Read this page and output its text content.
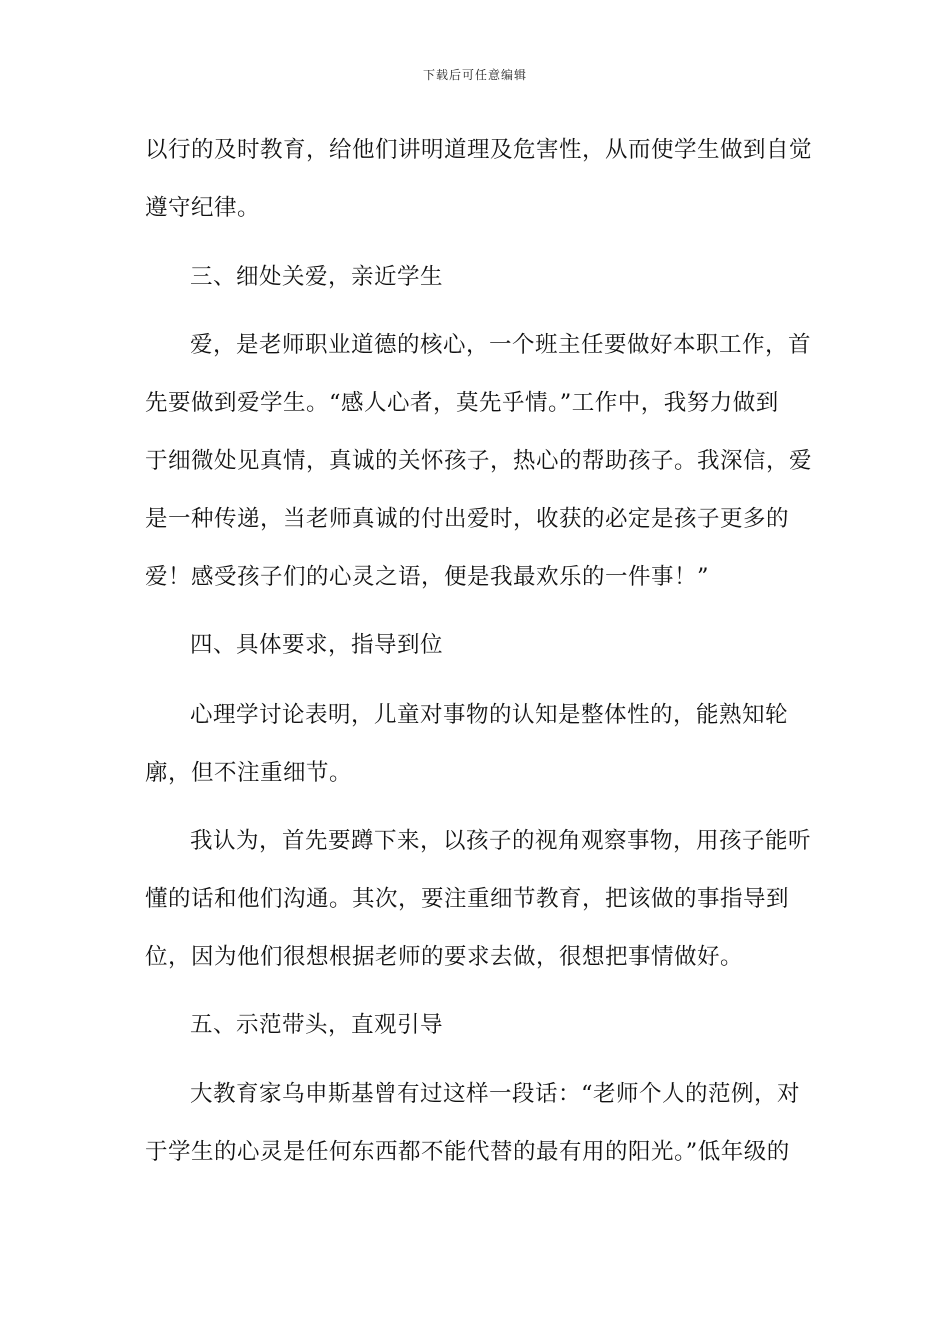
下载后可任意编辑
以行的及时教育，给他们讲明道理及危害性，从而使学生做到自觉
遵守纪律。
三、细处关爱，亲近学生
爱，是老师职业道德的核心，一个班主任要做好本职工作，首
先要做到爱学生。“感人心者，莫先乎情。”工作中，我努力做到
于细微处见真情，真诚的关怀孩子，热心的帮助孩子。我深信，爱
是一种传递，当老师真诚的付出爱时，收获的必定是孩子更多的
爱！感受孩子们的心灵之语，便是我最欢乐的一件事！”
四、具体要求，指导到位
心理学讨论表明，儿童对事物的认知是整体性的，能熟知轮
廓，但不注重细节。
我认为，首先要蹲下来，以孩子的视角观察事物，用孩子能听
懂的话和他们沟通。其次，要注重细节教育，把该做的事指导到
位，因为他们很想根据老师的要求去做，很想把事情做好。
五、示范带头，直观引导
大教育家乌申斯基曾有过这样一段话：“老师个人的范例，对
于学生的心灵是任何东西都不能代替的最有用的阳光。”低年级的
